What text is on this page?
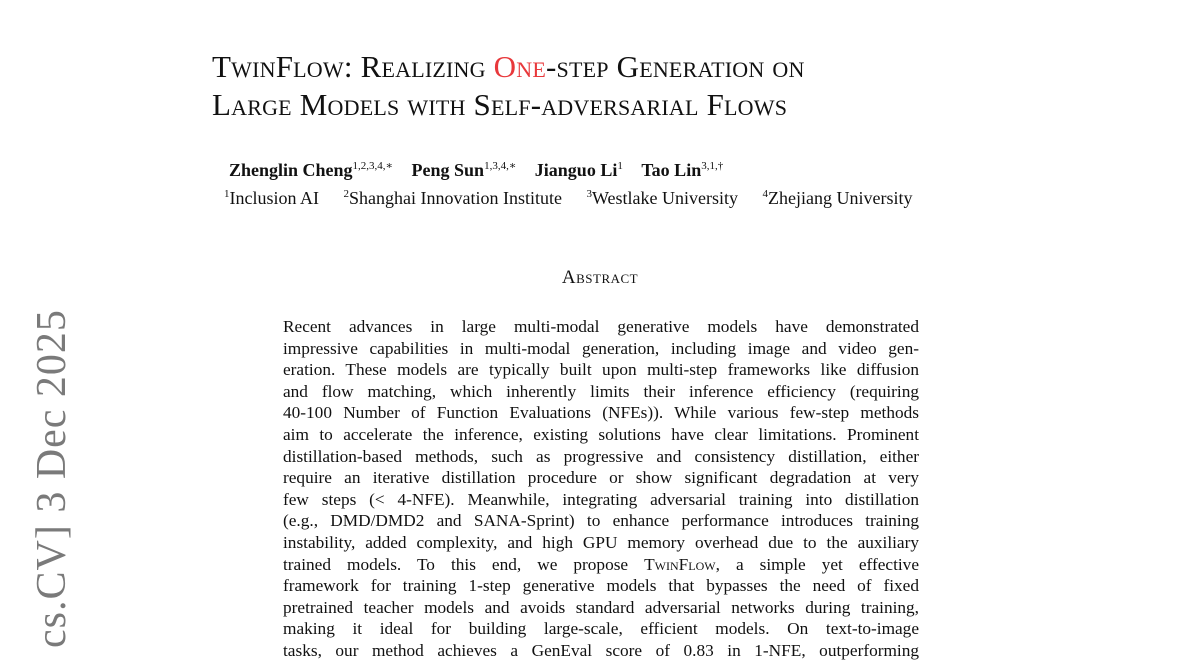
TwinFlow: Realizing One-step Generation on
Large Models with Self-adversarial Flows
Zhenglin Cheng$^{1,2,3,4,∗}$ Peng Sun$^{1,3,4,∗}$ Jianguo Li$^1$ Tao Lin$^{3,1,\dagger}$
$^1$Inclusion AI $^2$Shanghai Innovation Institute $^3$Westlake University $^4$Zhejiang University
Abstract
Recent advances in large multi-modal generative models have demonstrated
impressive capabilities in multi-modal generation, including image and video gen-
eration. These models are typically built upon multi-step frameworks like diffusion
and flow matching, which inherently limits their inference efficiency (requiring
40-100 Number of Function Evaluations (NFEs)). While various few-step methods
aim to accelerate the inference, existing solutions have clear limitations. Prominent
distillation-based methods, such as progressive and consistency distillation, either
require an iterative distillation procedure or show significant degradation at very
few steps (< 4-NFE). Meanwhile, integrating adversarial training into distillation
(e.g., DMD/DMD2 and SANA-Sprint) to enhance performance introduces training
instability, added complexity, and high GPU memory overhead due to the auxiliary
trained models. To this end, we propose TwinFlow, a simple yet effective
framework for training 1-step generative models that bypasses the need of fixed
pretrained teacher models and avoids standard adversarial networks during training,
making it ideal for building large-scale, efficient models. On text-to-image
tasks, our method achieves a GenEval score of 0.83 in 1-NFE, outperforming
cs.CV] 3 Dec 2025
